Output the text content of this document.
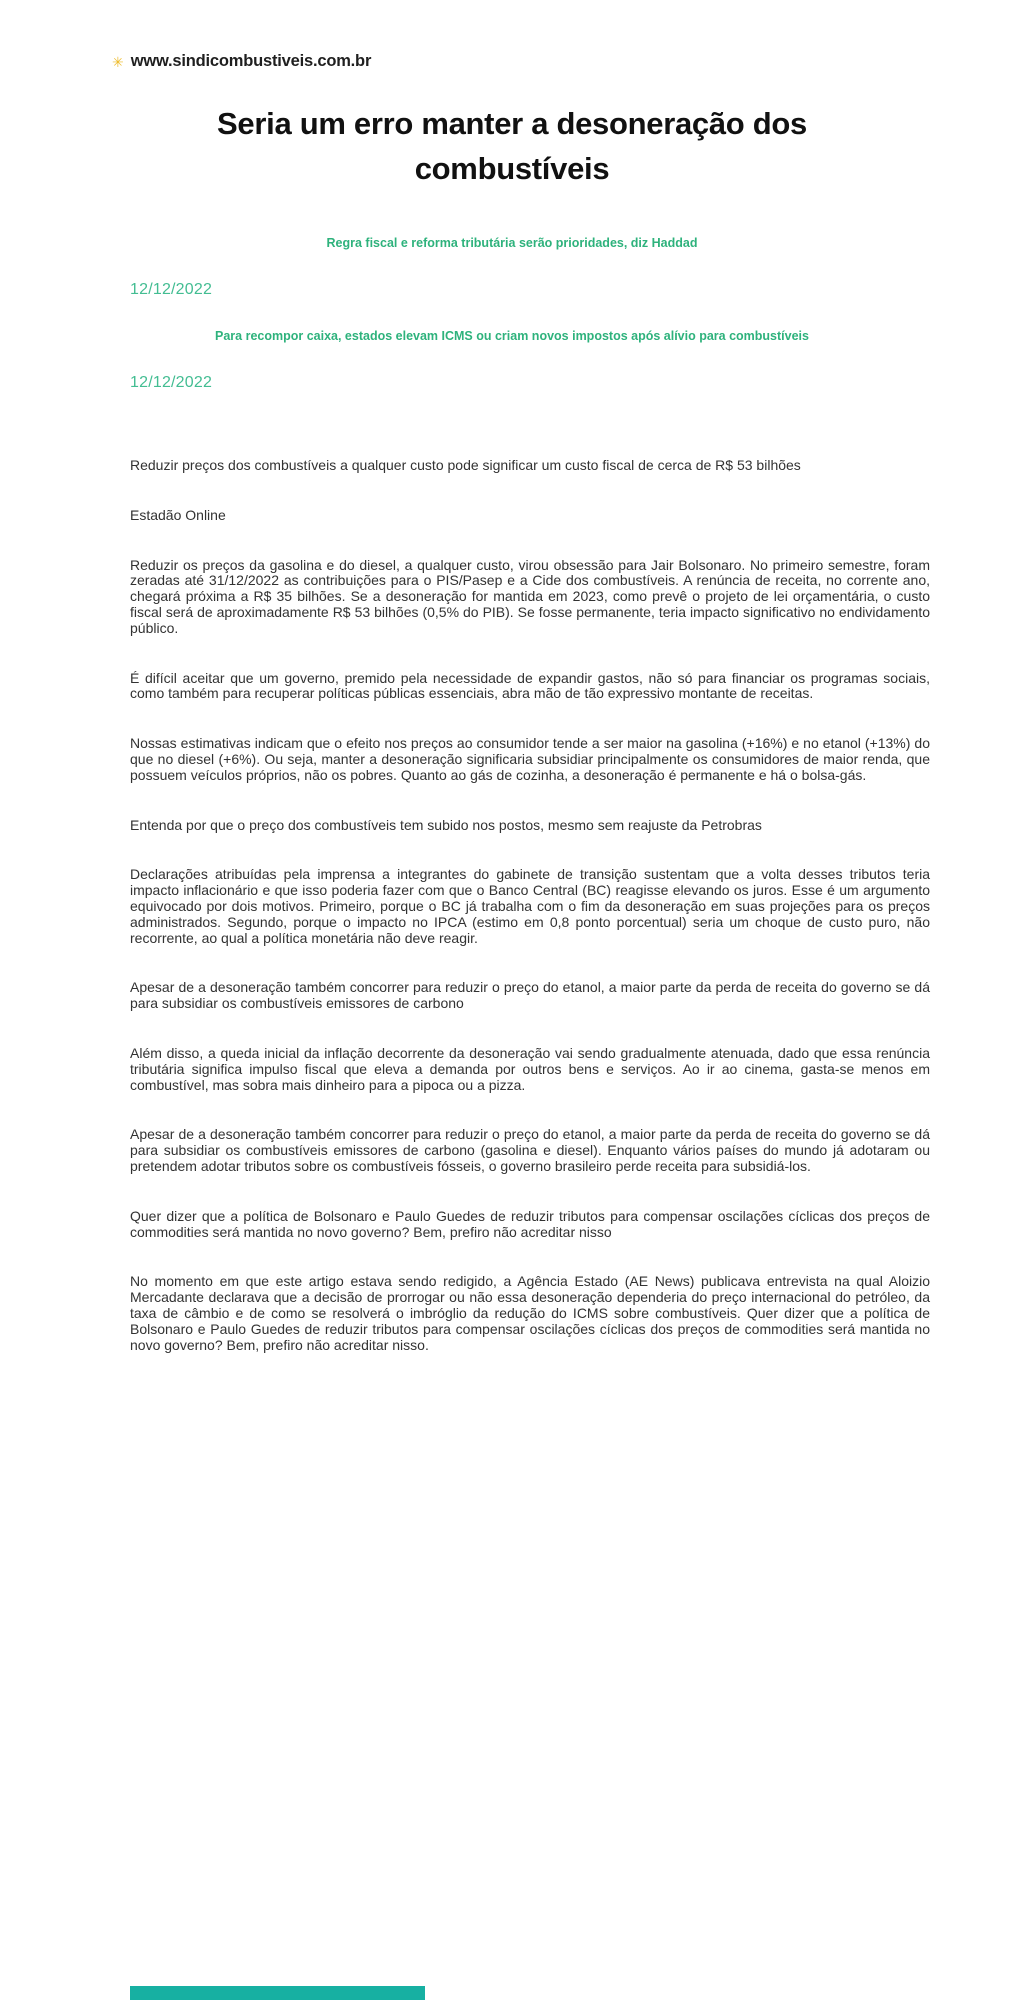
✳ www.sindicombustiveis.com.br
Seria um erro manter a desoneração dos combustíveis
Regra fiscal e reforma tributária serão prioridades, diz Haddad
12/12/2022
Para recompor caixa, estados elevam ICMS ou criam novos impostos após alívio para combustíveis
12/12/2022

Reduzir preços dos combustíveis a qualquer custo pode significar um custo fiscal de cerca de R$ 53 bilhões

Estadão Online

Reduzir os preços da gasolina e do diesel, a qualquer custo, virou obsessão para Jair Bolsonaro. No primeiro semestre, foram zeradas até 31/12/2022 as contribuições para o PIS/Pasep e a Cide dos combustíveis. A renúncia de receita, no corrente ano, chegará próxima a R$ 35 bilhões. Se a desoneração for mantida em 2023, como prevê o projeto de lei orçamentária, o custo fiscal será de aproximadamente R$ 53 bilhões (0,5% do PIB). Se fosse permanente, teria impacto significativo no endividamento público.

É difícil aceitar que um governo, premido pela necessidade de expandir gastos, não só para financiar os programas sociais, como também para recuperar políticas públicas essenciais, abra mão de tão expressivo montante de receitas.

Nossas estimativas indicam que o efeito nos preços ao consumidor tende a ser maior na gasolina (+16%) e no etanol (+13%) do que no diesel (+6%). Ou seja, manter a desoneração significaria subsidiar principalmente os consumidores de maior renda, que possuem veículos próprios, não os pobres. Quanto ao gás de cozinha, a desoneração é permanente e há o bolsa-gás.

Entenda por que o preço dos combustíveis tem subido nos postos, mesmo sem reajuste da Petrobras

Declarações atribuídas pela imprensa a integrantes do gabinete de transição sustentam que a volta desses tributos teria impacto inflacionário e que isso poderia fazer com que o Banco Central (BC) reagisse elevando os juros. Esse é um argumento equivocado por dois motivos. Primeiro, porque o BC já trabalha com o fim da desoneração em suas projeções para os preços administrados. Segundo, porque o impacto no IPCA (estimo em 0,8 ponto porcentual) seria um choque de custo puro, não recorrente, ao qual a política monetária não deve reagir.

Apesar de a desoneração também concorrer para reduzir o preço do etanol, a maior parte da perda de receita do governo se dá para subsidiar os combustíveis emissores de carbono

Além disso, a queda inicial da inflação decorrente da desoneração vai sendo gradualmente atenuada, dado que essa renúncia tributária significa impulso fiscal que eleva a demanda por outros bens e serviços. Ao ir ao cinema, gasta-se menos em combustível, mas sobra mais dinheiro para a pipoca ou a pizza.

Apesar de a desoneração também concorrer para reduzir o preço do etanol, a maior parte da perda de receita do governo se dá para subsidiar os combustíveis emissores de carbono (gasolina e diesel). Enquanto vários países do mundo já adotaram ou pretendem adotar tributos sobre os combustíveis fósseis, o governo brasileiro perde receita para subsidiá-los.

Quer dizer que a política de Bolsonaro e Paulo Guedes de reduzir tributos para compensar oscilações cíclicas dos preços de commodities será mantida no novo governo? Bem, prefiro não acreditar nisso

No momento em que este artigo estava sendo redigido, a Agência Estado (AE News) publicava entrevista na qual Aloizio Mercadante declarava que a decisão de prorrogar ou não essa desoneração dependeria do preço internacional do petróleo, da taxa de câmbio e de como se resolverá o imbróglio da redução do ICMS sobre combustíveis. Quer dizer que a política de Bolsonaro e Paulo Guedes de reduzir tributos para compensar oscilações cíclicas dos preços de commodities será mantida no novo governo? Bem, prefiro não acreditar nisso.
